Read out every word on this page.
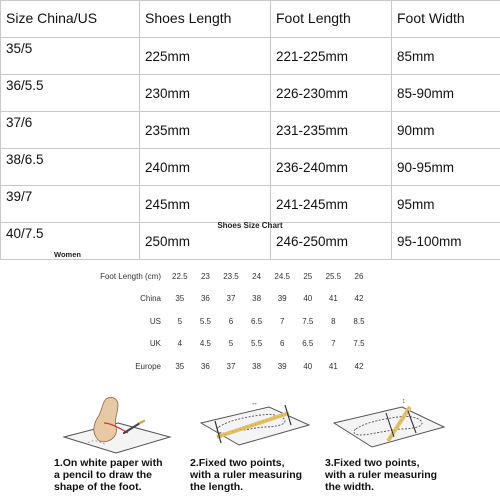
Size China/US	Shoes Length	Foot Length	Foot Width
35/5	225mm	221-225mm	85mm
36/5.5	230mm	226-230mm	85-90mm
37/6	235mm	231-235mm	90mm
38/6.5	240mm	236-240mm	90-95mm
39/7	245mm	241-245mm	95mm
40/7.5	250mm	246-250mm	95-100mm
Shoes Size Chart
Women
Foot Length (cm)	22.5	23	23.5	24	24.5	25	25.5	26
China	35	36	37	38	39	40	41	42
US	5	5.5	6	6.5	7	7.5	8	8.5
UK	4	4.5	5	5.5	6	6.5	7	7.5
Europe	35	36	37	38	39	40	41	42
↔	↕
1.On white paper with
a pencil to draw the
shape of the foot.
2.Fixed two points,
with a ruler measuring
the length.
3.Fixed two points,
with a ruler measuring
the width.
